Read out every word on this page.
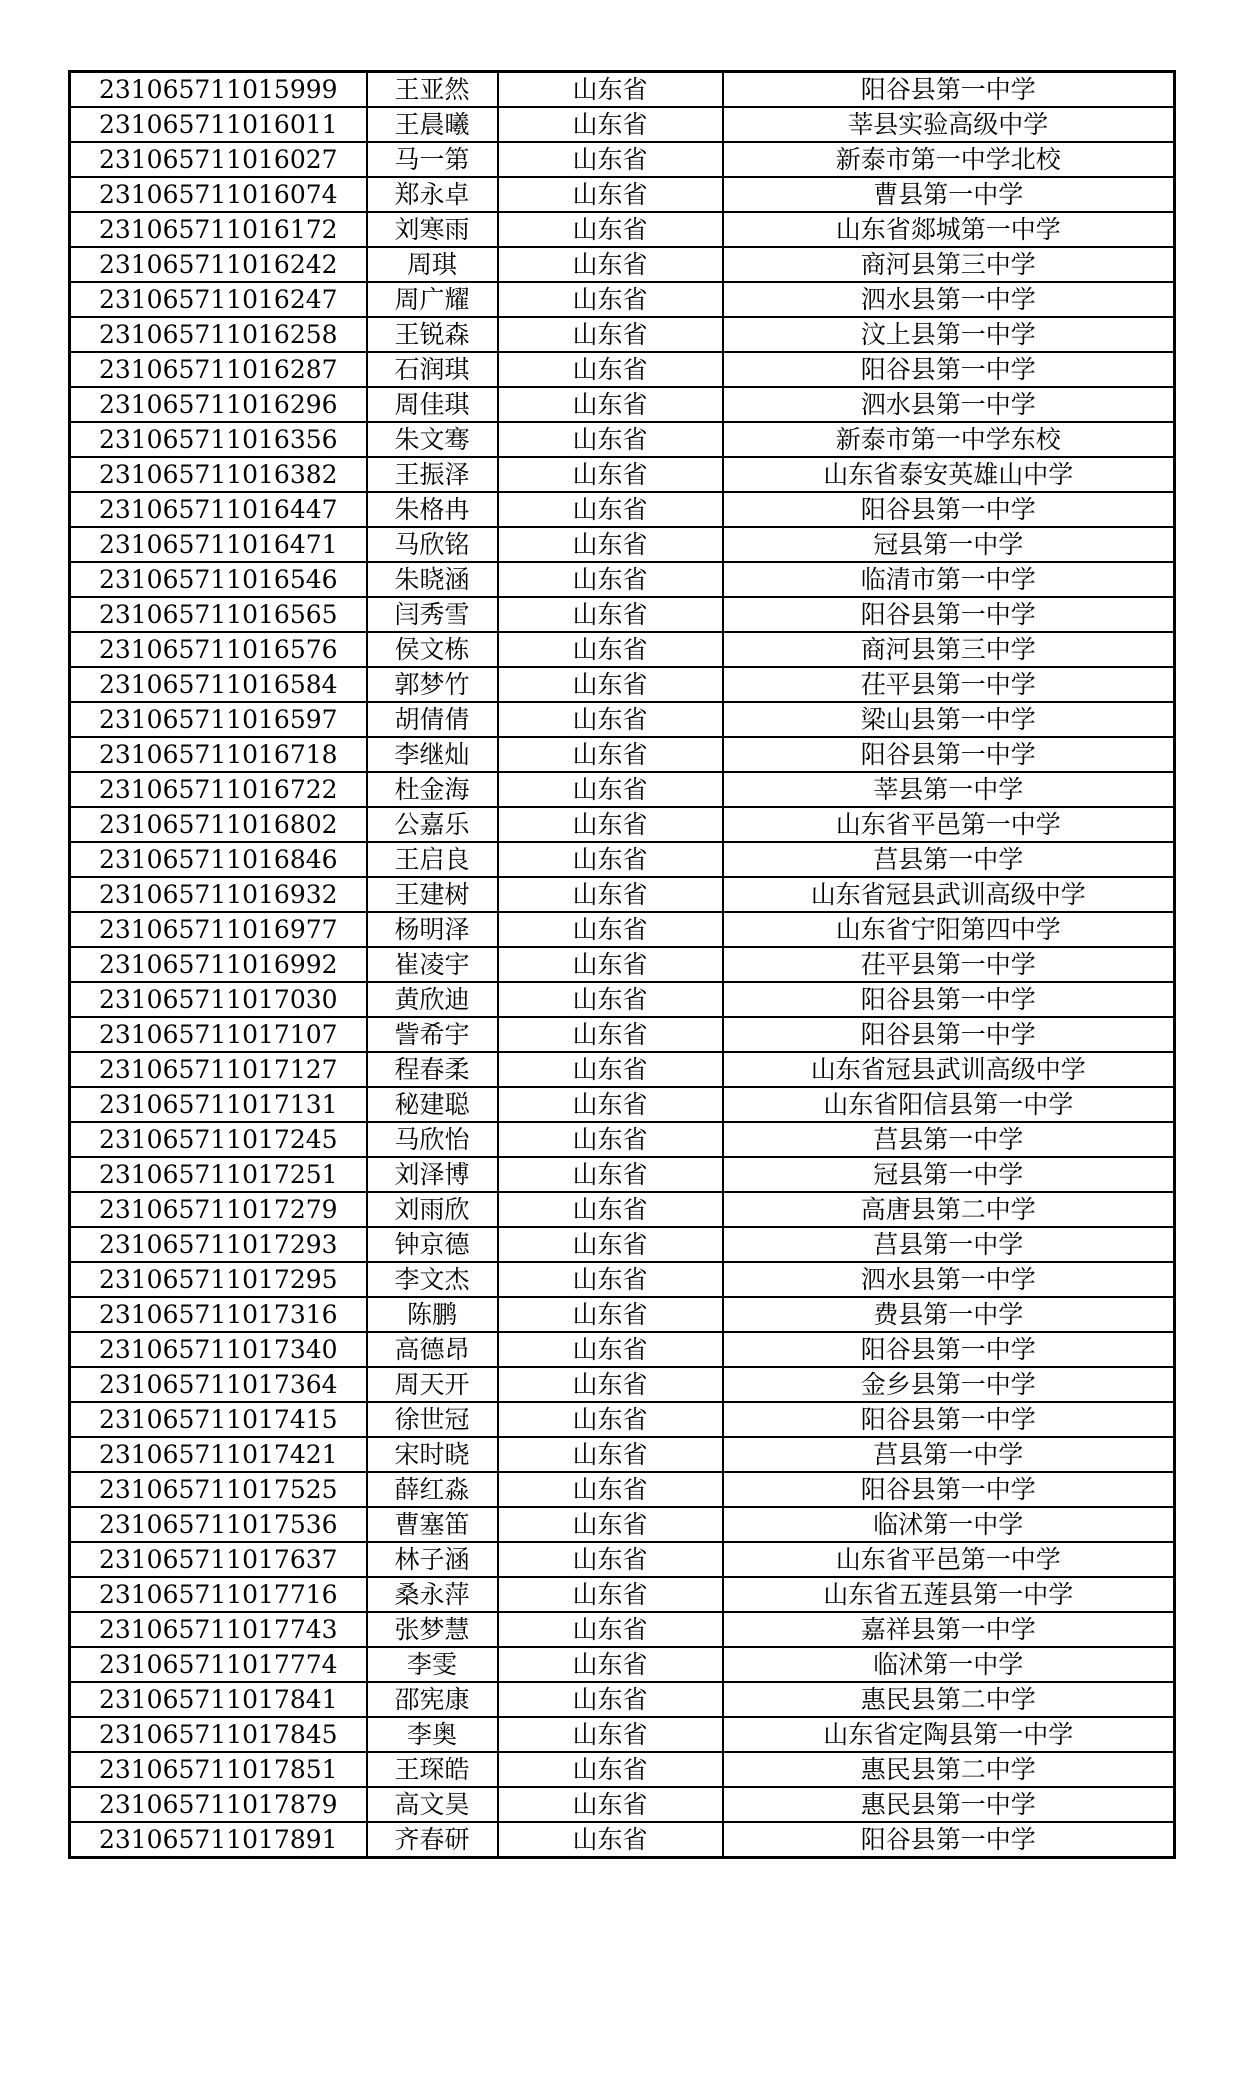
231065711015999	王亚然	山东省	阳谷县第一中学
231065711016011	王晨曦	山东省	莘县实验高级中学
231065711016027	马一第	山东省	新泰市第一中学北校
231065711016074	郑永卓	山东省	曹县第一中学
231065711016172	刘寒雨	山东省	山东省郯城第一中学
231065711016242	周琪	山东省	商河县第三中学
231065711016247	周广耀	山东省	泗水县第一中学
231065711016258	王锐森	山东省	汶上县第一中学
231065711016287	石润琪	山东省	阳谷县第一中学
231065711016296	周佳琪	山东省	泗水县第一中学
231065711016356	朱文骞	山东省	新泰市第一中学东校
231065711016382	王振泽	山东省	山东省泰安英雄山中学
231065711016447	朱格冉	山东省	阳谷县第一中学
231065711016471	马欣铭	山东省	冠县第一中学
231065711016546	朱晓涵	山东省	临清市第一中学
231065711016565	闫秀雪	山东省	阳谷县第一中学
231065711016576	侯文栋	山东省	商河县第三中学
231065711016584	郭梦竹	山东省	茌平县第一中学
231065711016597	胡倩倩	山东省	梁山县第一中学
231065711016718	李继灿	山东省	阳谷县第一中学
231065711016722	杜金海	山东省	莘县第一中学
231065711016802	公嘉乐	山东省	山东省平邑第一中学
231065711016846	王启良	山东省	莒县第一中学
231065711016932	王建树	山东省	山东省冠县武训高级中学
231065711016977	杨明泽	山东省	山东省宁阳第四中学
231065711016992	崔凌宇	山东省	茌平县第一中学
231065711017030	黄欣迪	山东省	阳谷县第一中学
231065711017107	訾希宇	山东省	阳谷县第一中学
231065711017127	程春柔	山东省	山东省冠县武训高级中学
231065711017131	秘建聪	山东省	山东省阳信县第一中学
231065711017245	马欣怡	山东省	莒县第一中学
231065711017251	刘泽博	山东省	冠县第一中学
231065711017279	刘雨欣	山东省	高唐县第二中学
231065711017293	钟京德	山东省	莒县第一中学
231065711017295	李文杰	山东省	泗水县第一中学
231065711017316	陈鹏	山东省	费县第一中学
231065711017340	高德昂	山东省	阳谷县第一中学
231065711017364	周天开	山东省	金乡县第一中学
231065711017415	徐世冠	山东省	阳谷县第一中学
231065711017421	宋时晓	山东省	莒县第一中学
231065711017525	薛红淼	山东省	阳谷县第一中学
231065711017536	曹塞笛	山东省	临沭第一中学
231065711017637	林子涵	山东省	山东省平邑第一中学
231065711017716	桑永萍	山东省	山东省五莲县第一中学
231065711017743	张梦慧	山东省	嘉祥县第一中学
231065711017774	李雯	山东省	临沭第一中学
231065711017841	邵宪康	山东省	惠民县第二中学
231065711017845	李奥	山东省	山东省定陶县第一中学
231065711017851	王琛皓	山东省	惠民县第二中学
231065711017879	高文昊	山东省	惠民县第一中学
231065711017891	齐春研	山东省	阳谷县第一中学
